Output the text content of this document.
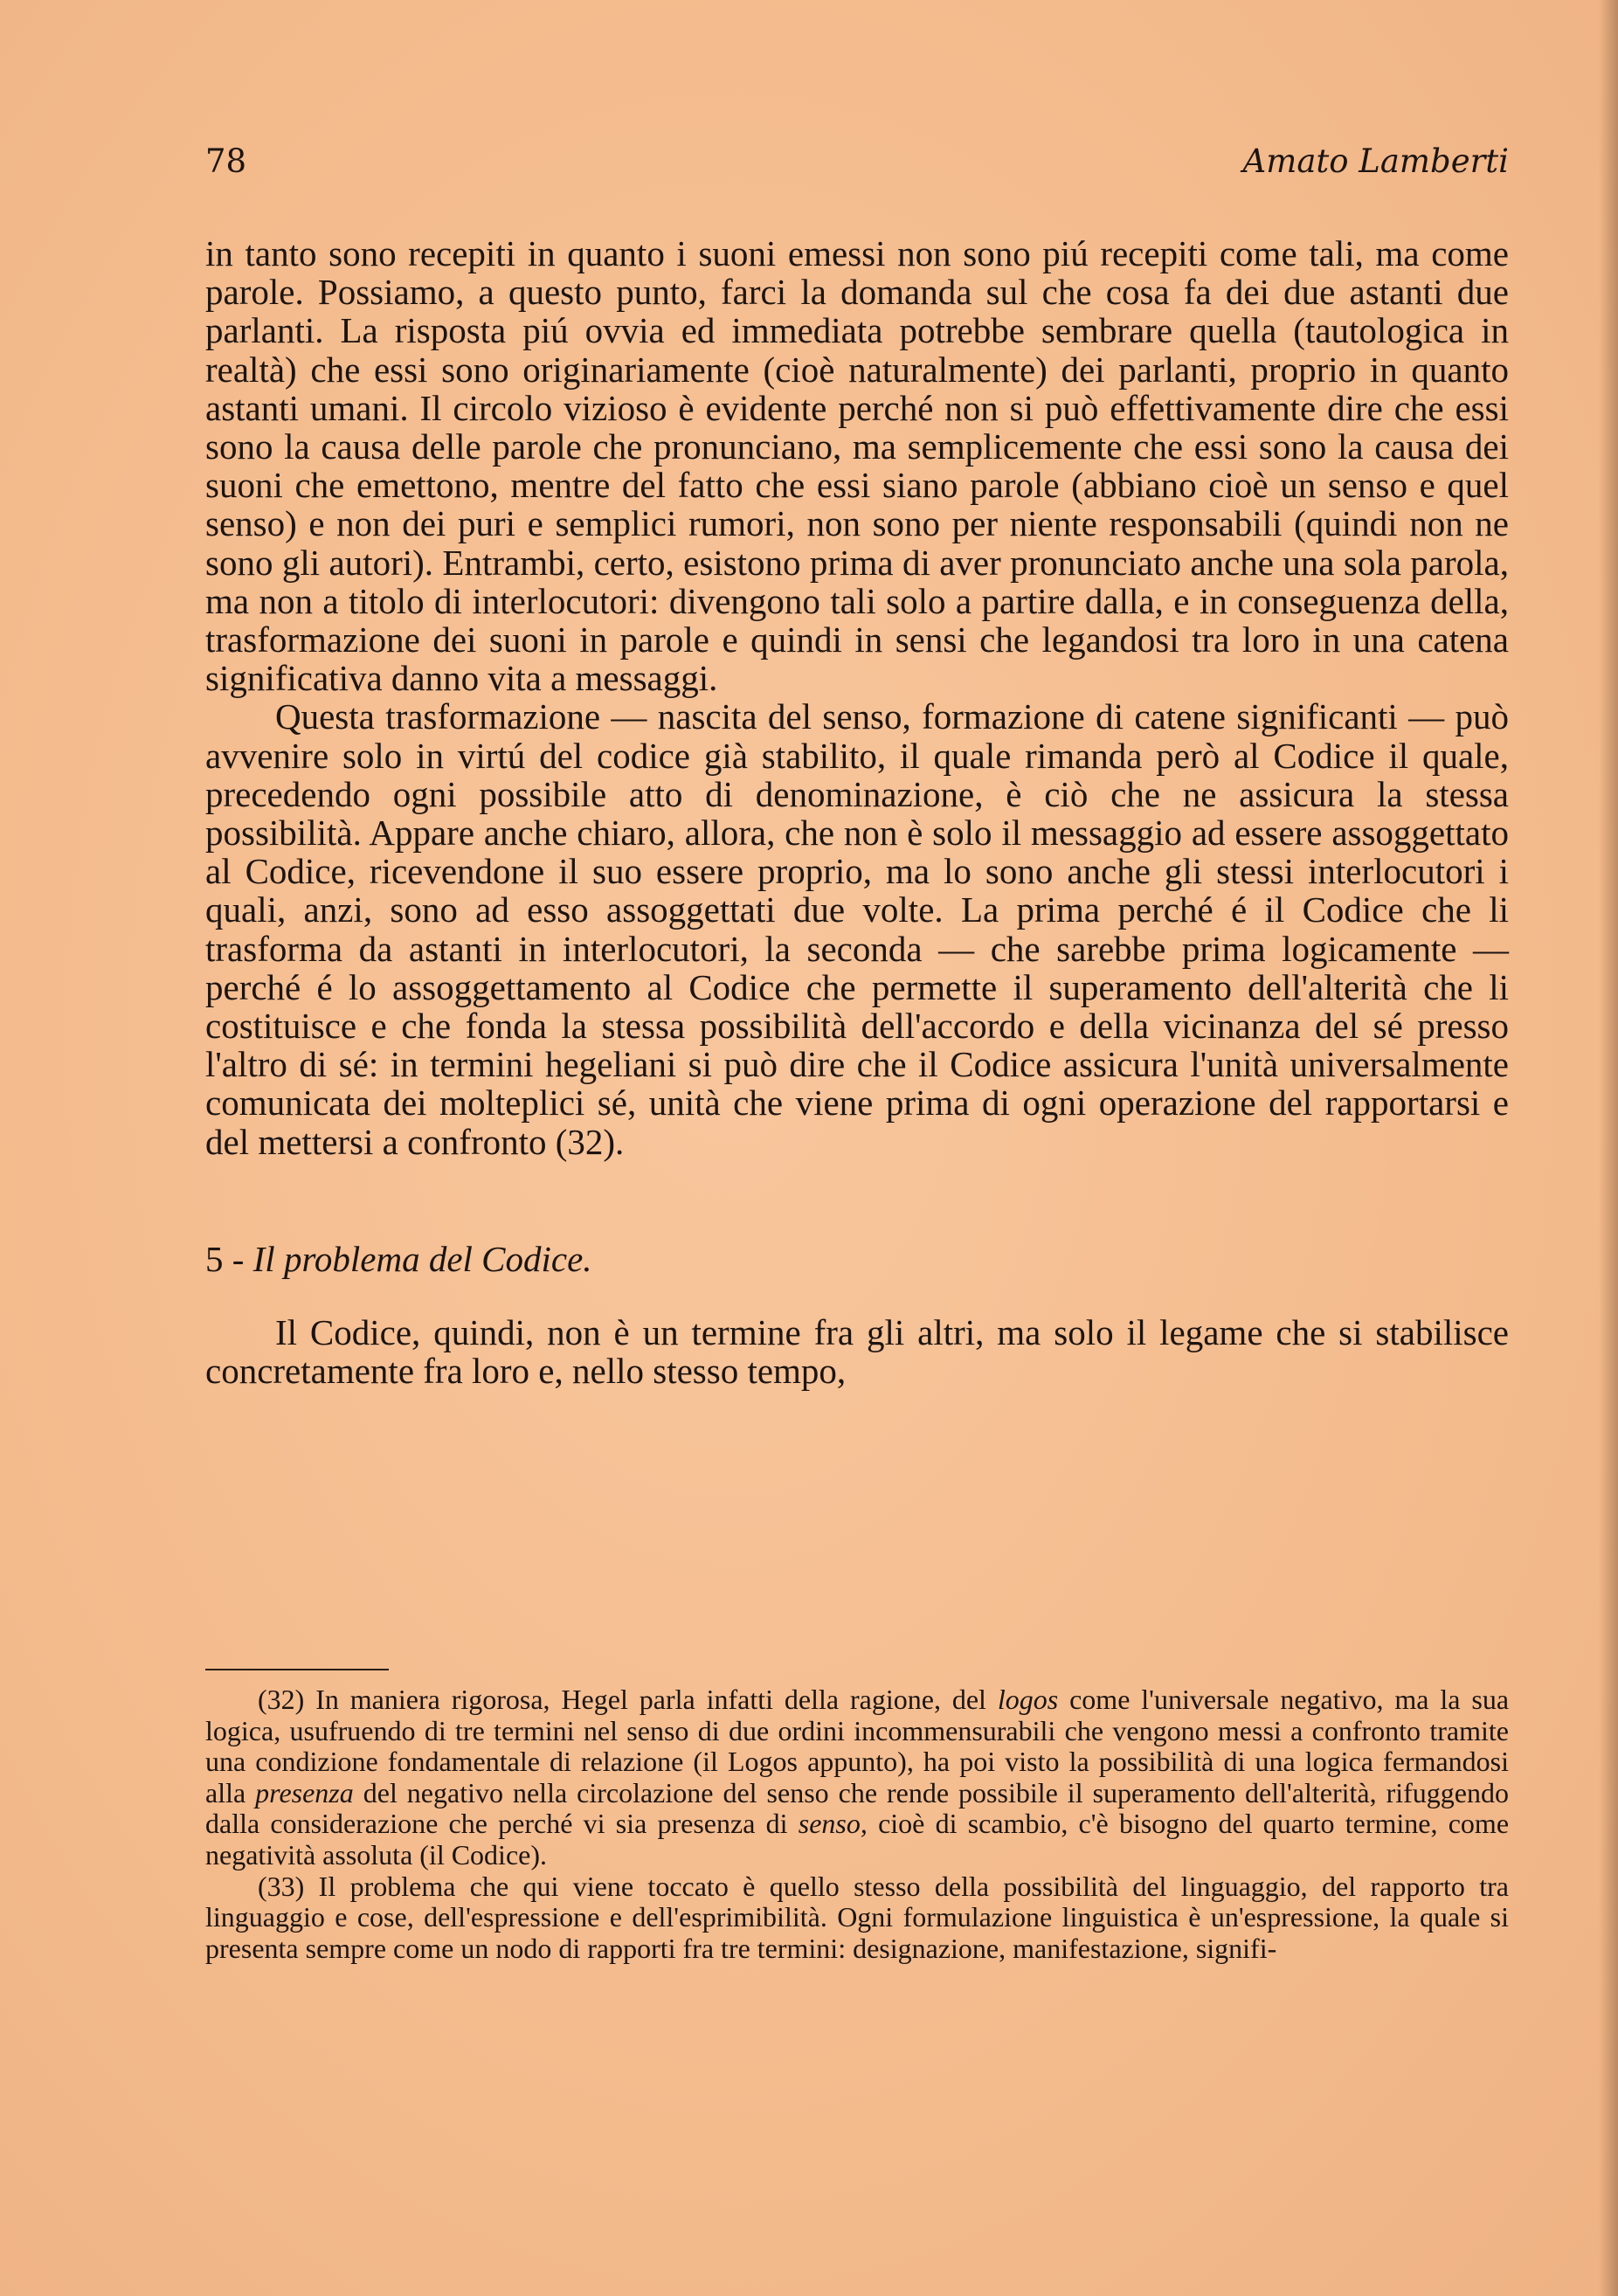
78	Amato Lamberti

in tanto sono recepiti in quanto i suoni emessi non sono piú recepiti come tali, ma come parole. Possiamo, a questo punto, farci la domanda sul che cosa fa dei due astanti due parlanti. La risposta piú ovvia ed immediata potrebbe sembrare quella (tautologica in realtà) che essi sono originariamente (cioè naturalmente) dei parlanti, proprio in quanto astanti umani. Il circolo vizioso è evidente perché non si può effettivamente dire che essi sono la causa delle parole che pronunciano, ma semplicemente che essi sono la causa dei suoni che emettono, mentre del fatto che essi siano parole (abbiano cioè un senso e quel senso) e non dei puri e semplici rumori, non sono per niente responsabili (quindi non ne sono gli autori). Entrambi, certo, esistono prima di aver pronunciato anche una sola parola, ma non a titolo di interlocutori: divengono tali solo a partire dalla, e in conseguenza della, trasformazione dei suoni in parole e quindi in sensi che legandosi tra loro in una catena significativa danno vita a messaggi.

Questa trasformazione — nascita del senso, formazione di catene significanti — può avvenire solo in virtú del codice già stabilito, il quale rimanda però al Codice il quale, precedendo ogni possibile atto di denominazione, è ciò che ne assicura la stessa possibilità. Appare anche chiaro, allora, che non è solo il messaggio ad essere assoggettato al Codice, ricevendone il suo essere proprio, ma lo sono anche gli stessi interlocutori i quali, anzi, sono ad esso assoggettati due volte. La prima perché é il Codice che li trasforma da astanti in interlocutori, la seconda — che sarebbe prima logicamente — perché é lo assoggettamento al Codice che permette il superamento dell'alterità che li costituisce e che fonda la stessa possibilità dell'accordo e della vicinanza del sé presso l'altro di sé: in termini hegeliani si può dire che il Codice assicura l'unità universalmente comunicata dei molteplici sé, unità che viene prima di ogni operazione del rapportarsi e del mettersi a confronto (32).

5 - Il problema del Codice.

Il Codice, quindi, non è un termine fra gli altri, ma solo il legame che si stabilisce concretamente fra loro e, nello stesso tempo,

(32) In maniera rigorosa, Hegel parla infatti della ragione, del logos come l'universale negativo, ma la sua logica, usufruendo di tre termini nel senso di due ordini incommensurabili che vengono messi a confronto tramite una condizione fondamentale di relazione (il Logos appunto), ha poi visto la possibilità di una logica fermandosi alla presenza del negativo nella circolazione del senso che rende possibile il superamento dell'alterità, rifuggendo dalla considerazione che perché vi sia presenza di senso, cioè di scambio, c'è bisogno del quarto termine, come negatività assoluta (il Codice).

(33) Il problema che qui viene toccato è quello stesso della possibilità del linguaggio, del rapporto tra linguaggio e cose, dell'espressione e dell'esprimibilità. Ogni formulazione linguistica è un'espressione, la quale si presenta sempre come un nodo di rapporti fra tre termini: designazione, manifestazione, signifi-
